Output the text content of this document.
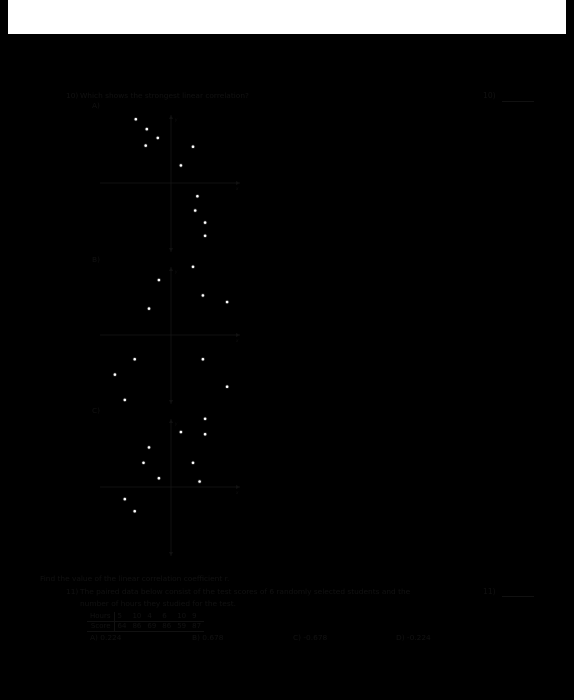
10) Which shows the strongest linear correlation?	10)
A)
B)
C)
x
y
x
y
x
y
Find the value of the linear correlation coefficient r.
11) The paired data below consist of the test scores of 6 randomly selected students and the
number of hours they studied for the test.
11)
Hours	5	10	4	6	10	9
Score	64	86	69	86	59	87
A) 0.224	B) 0.678	C) -0.678	D) -0.224
